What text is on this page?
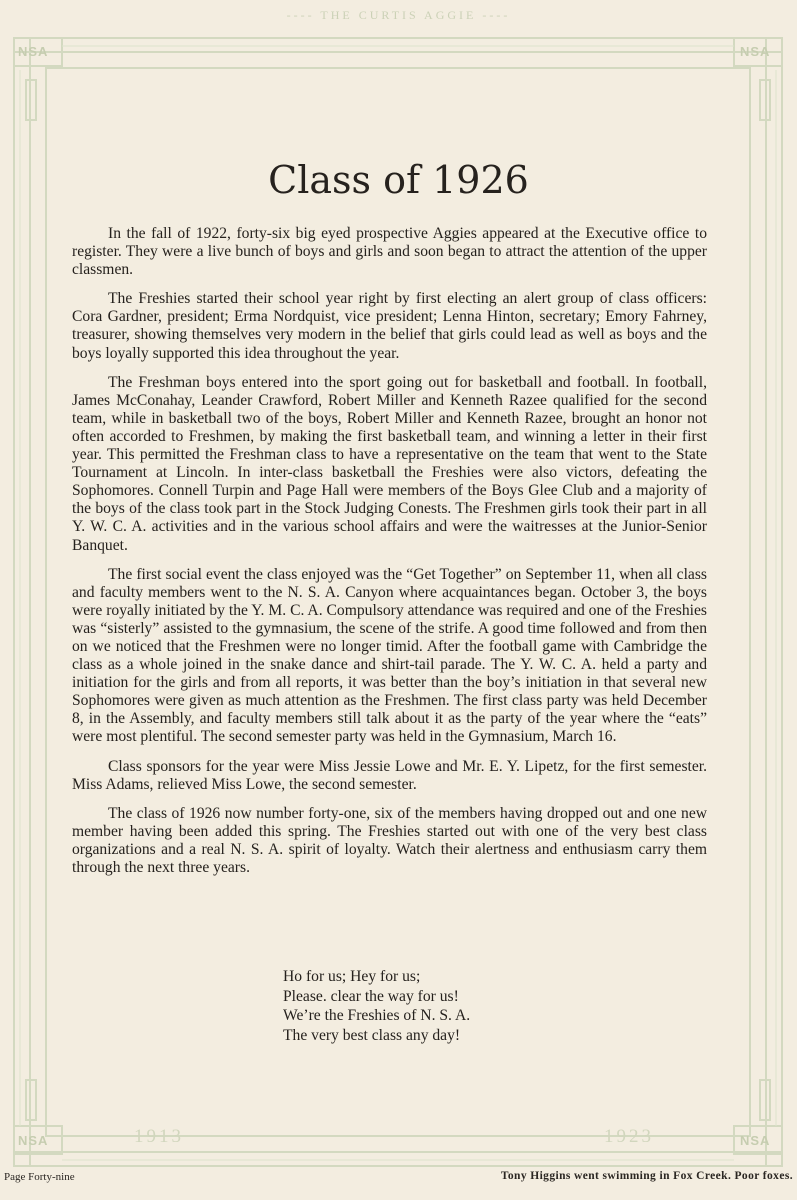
---- THE CURTIS AGGIE ----
NSA	NSA
NSA	NSA
1913	1923
Class of 1926

In the fall of 1922, forty-six big eyed prospective Aggies appeared at the Executive office to register. They were a live bunch of boys and girls and soon began to attract the attention of the upper classmen.

The Freshies started their school year right by first electing an alert group of class officers: Cora Gardner, president; Erma Nordquist, vice president; Lenna Hinton, secretary; Emory Fahrney, treasurer, showing themselves very modern in the belief that girls could lead as well as boys and the boys loyally supported this idea throughout the year.

The Freshman boys entered into the sport going out for basketball and football. In football, James McConahay, Leander Crawford, Robert Miller and Kenneth Razee qualified for the second team, while in basketball two of the boys, Robert Miller and Kenneth Razee, brought an honor not often accorded to Freshmen, by making the first basketball team, and winning a letter in their first year. This permitted the Freshman class to have a representative on the team that went to the State Tournament at Lincoln. In inter-class basketball the Freshies were also victors, defeating the Sophomores. Connell Turpin and Page Hall were members of the Boys Glee Club and a majority of the boys of the class took part in the Stock Judging Conests. The Freshmen girls took their part in all Y. W. C. A. activities and in the various school affairs and were the waitresses at the Junior-Senior Banquet.

The first social event the class enjoyed was the “Get Together” on September 11, when all class and faculty members went to the N. S. A. Canyon where acquaintances began. October 3, the boys were royally initiated by the Y. M. C. A. Compulsory attendance was required and one of the Freshies was “sisterly” assisted to the gymnasium, the scene of the strife. A good time followed and from then on we noticed that the Freshmen were no longer timid. After the football game with Cambridge the class as a whole joined in the snake dance and shirt-tail parade. The Y. W. C. A. held a party and initiation for the girls and from all reports, it was better than the boy’s initiation in that several new Sophomores were given as much attention as the Freshmen. The first class party was held December 8, in the Assembly, and faculty members still talk about it as the party of the year where the “eats” were most plentiful. The second semester party was held in the Gymnasium, March 16.

Class sponsors for the year were Miss Jessie Lowe and Mr. E. Y. Lipetz, for the first semester. Miss Adams, relieved Miss Lowe, the second semester.

The class of 1926 now number forty-one, six of the members having dropped out and one new member having been added this spring. The Freshies started out with one of the very best class organizations and a real N. S. A. spirit of loyalty. Watch their alertness and enthusiasm carry them through the next three years.

Ho for us; Hey for us;
Please. clear the way for us!
We’re the Freshies of N. S. A.
The very best class any day!
Page Forty-nine	Tony Higgins went swimming in Fox Creek. Poor foxes.
